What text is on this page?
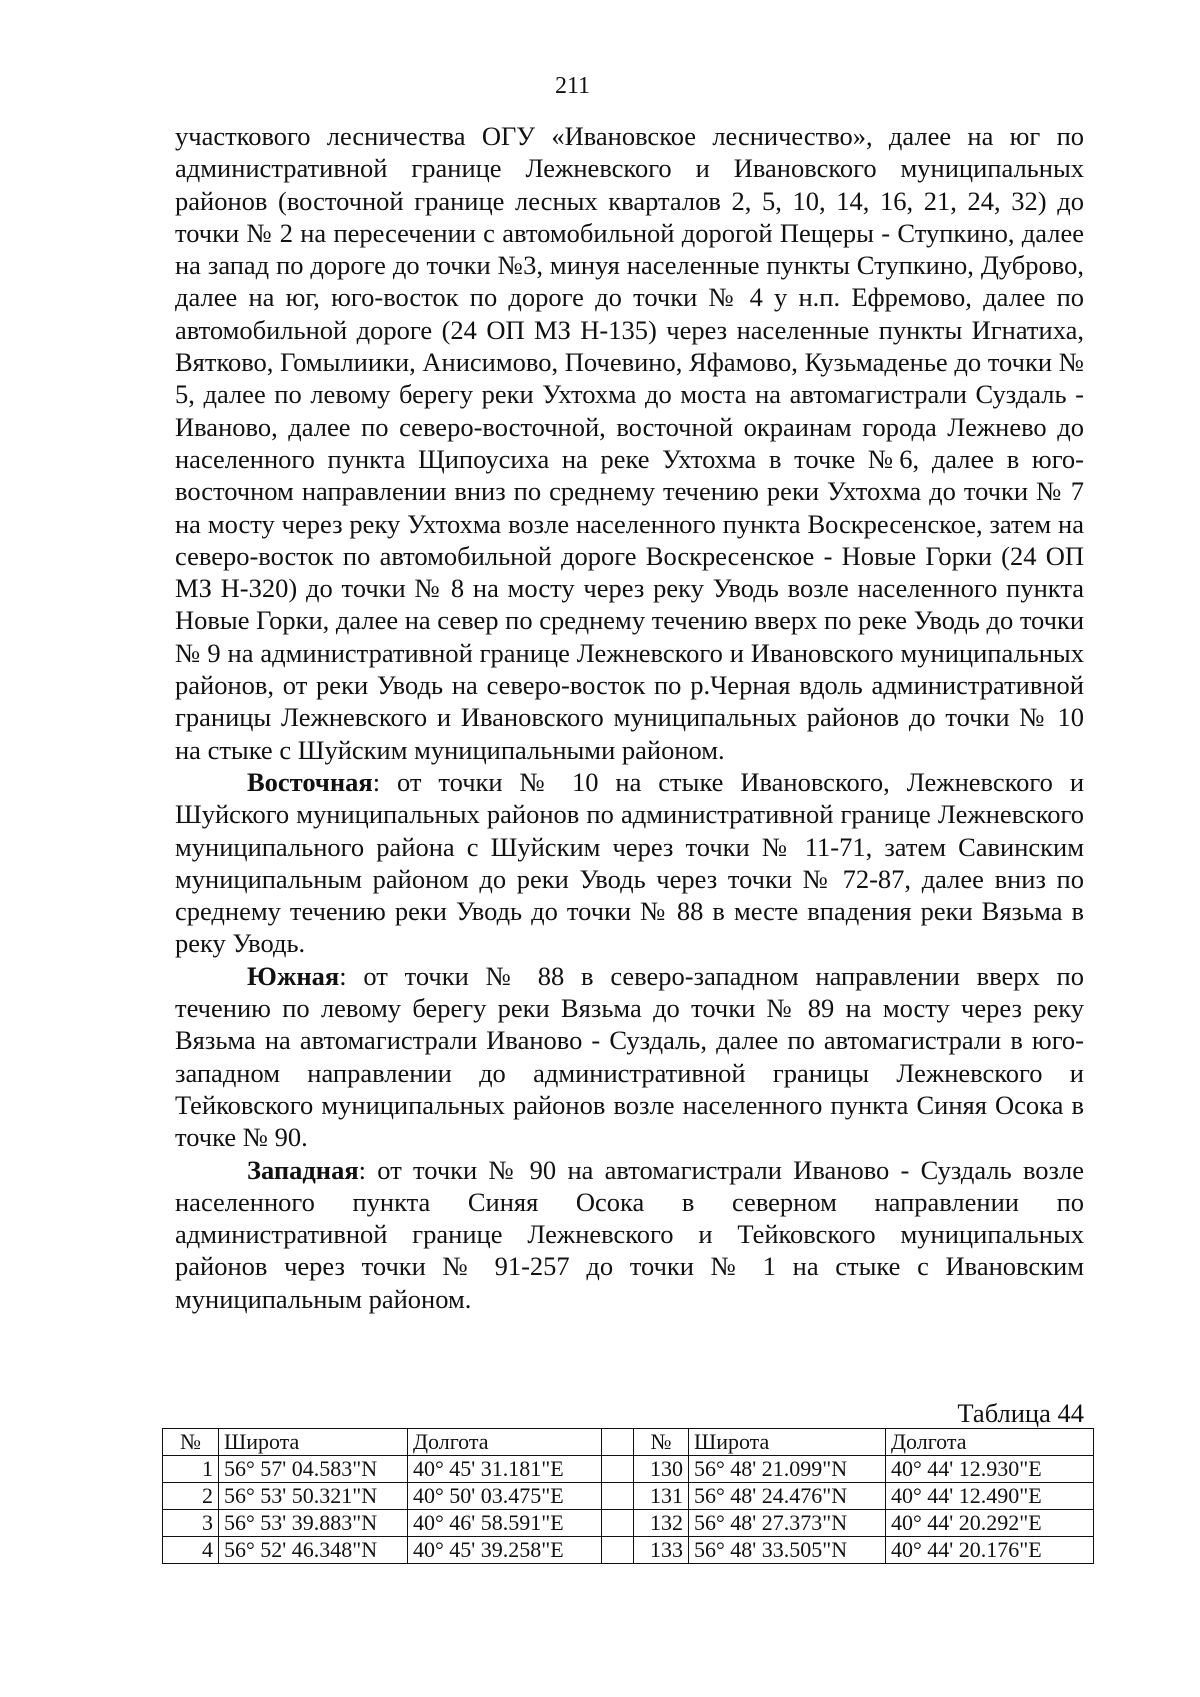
211

участкового лесничества ОГУ «Ивановское лесничество», далее на юг по административной границе Лежневского и Ивановского муниципальных районов (восточной границе лесных кварталов 2, 5, 10, 14, 16, 21, 24, 32) до точки № 2 на пересечении с автомобильной дорогой Пещеры - Ступкино, далее на запад по дороге до точки №3, минуя населенные пункты Ступкино, Дуброво, далее на юг, юго-восток по дороге до точки № 4 у н.п. Ефремово, далее по автомобильной дороге (24 ОП МЗ Н-135) через населенные пункты Игнатиха, Вятково, Гомылиики, Анисимово, Почевино, Яфамово, Кузьмаденье до точки № 5, далее по левому берегу реки Ухтохма до моста на автомагистрали Суздаль - Иваново, далее по северо-восточной, восточной окраинам города Лежнево до населенного пункта Щипоусиха на реке Ухтохма в точке №6, далее в юго-восточном направлении вниз по среднему течению реки Ухтохма до точки № 7 на мосту через реку Ухтохма возле населенного пункта Воскресенское, затем на северо-восток по автомобильной дороге Воскресенское - Новые Горки (24 ОП МЗ Н-320) до точки № 8 на мосту через реку Уводь возле населенного пункта Новые Горки, далее на север по среднему течению вверх по реке Уводь до точки № 9 на административной границе Лежневского и Ивановского муниципальных районов, от реки Уводь на северо-восток по р.Черная вдоль административной границы Лежневского и Ивановского муниципальных районов до точки № 10 на стыке с Шуйским муниципальными районом.

Восточная: от точки № 10 на стыке Ивановского, Лежневского и Шуйского муниципальных районов по административной границе Лежневского муниципального района с Шуйским через точки № 11-71, затем Савинским муниципальным районом до реки Уводь через точки № 72-87, далее вниз по среднему течению реки Уводь до точки № 88 в месте впадения реки Вязьма в реку Уводь.

Южная: от точки № 88 в северо-западном направлении вверх по течению по левому берегу реки Вязьма до точки № 89 на мосту через реку Вязьма на автомагистрали Иваново - Суздаль, далее по автомагистрали в юго-западном направлении до административной границы Лежневского и Тейковского муниципальных районов возле населенного пункта Синяя Осока в точке № 90.

Западная: от точки № 90 на автомагистрали Иваново - Суздаль возле населенного пункта Синяя Осока в северном направлении по административной границе Лежневского и Тейковского муниципальных районов через точки № 91-257 до точки № 1 на стыке с Ивановским муниципальным районом.

Таблица 44
№	Широта	Долгота		№	Широта	Долгота
1	56° 57' 04.583"N	40° 45' 31.181"E		130	56° 48' 21.099"N	40° 44' 12.930"E
2	56° 53' 50.321"N	40° 50' 03.475"E		131	56° 48' 24.476"N	40° 44' 12.490"E
3	56° 53' 39.883"N	40° 46' 58.591"E		132	56° 48' 27.373"N	40° 44' 20.292"E
4	56° 52' 46.348"N	40° 45' 39.258"E		133	56° 48' 33.505"N	40° 44' 20.176"E
